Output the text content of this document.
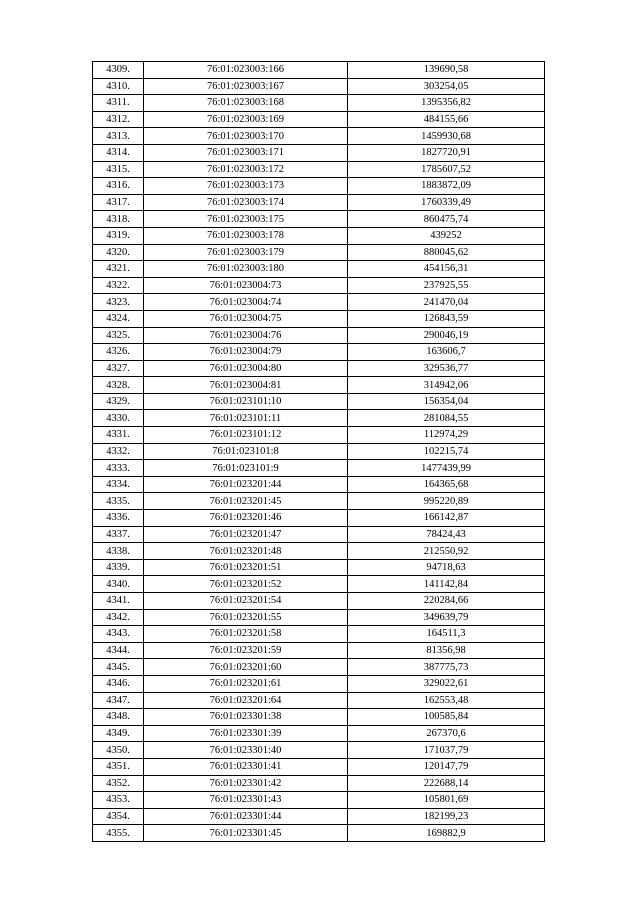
4309.	76:01:023003:166	139690,58
4310.	76:01:023003:167	303254,05
4311.	76:01:023003:168	1395356,82
4312.	76:01:023003:169	484155,66
4313.	76:01:023003:170	1459930,68
4314.	76:01:023003:171	1827720,91
4315.	76:01:023003:172	1785607,52
4316.	76:01:023003:173	1883872,09
4317.	76:01:023003:174	1760339,49
4318.	76:01:023003:175	860475,74
4319.	76:01:023003:178	439252
4320.	76:01:023003:179	880045,62
4321.	76:01:023003:180	454156,31
4322.	76:01:023004:73	237925,55
4323.	76:01:023004:74	241470,04
4324.	76:01:023004:75	126843,59
4325.	76:01:023004:76	290046,19
4326.	76:01:023004:79	163606,7
4327.	76:01:023004:80	329536,77
4328.	76:01:023004:81	314942,06
4329.	76:01:023101:10	156354,04
4330.	76:01:023101:11	281084,55
4331.	76:01:023101:12	112974,29
4332.	76:01:023101:8	102215,74
4333.	76:01:023101:9	1477439,99
4334.	76:01:023201:44	164365,68
4335.	76:01:023201:45	995220,89
4336.	76:01:023201:46	166142,87
4337.	76:01:023201:47	78424,43
4338.	76:01:023201:48	212550,92
4339.	76:01:023201:51	94718,63
4340.	76:01:023201:52	141142,84
4341.	76:01:023201:54	220284,66
4342.	76:01:023201:55	349639,79
4343.	76:01:023201:58	164511,3
4344.	76:01:023201:59	81356,98
4345.	76:01:023201:60	387775,73
4346.	76:01:023201:61	329022,61
4347.	76:01:023201:64	162553,48
4348.	76:01:023301:38	100585,84
4349.	76:01:023301:39	267370,6
4350.	76:01:023301:40	171037,79
4351.	76:01:023301:41	120147,79
4352.	76:01:023301:42	222688,14
4353.	76:01:023301:43	105801,69
4354.	76:01:023301:44	182199,23
4355.	76:01:023301:45	169882,9
